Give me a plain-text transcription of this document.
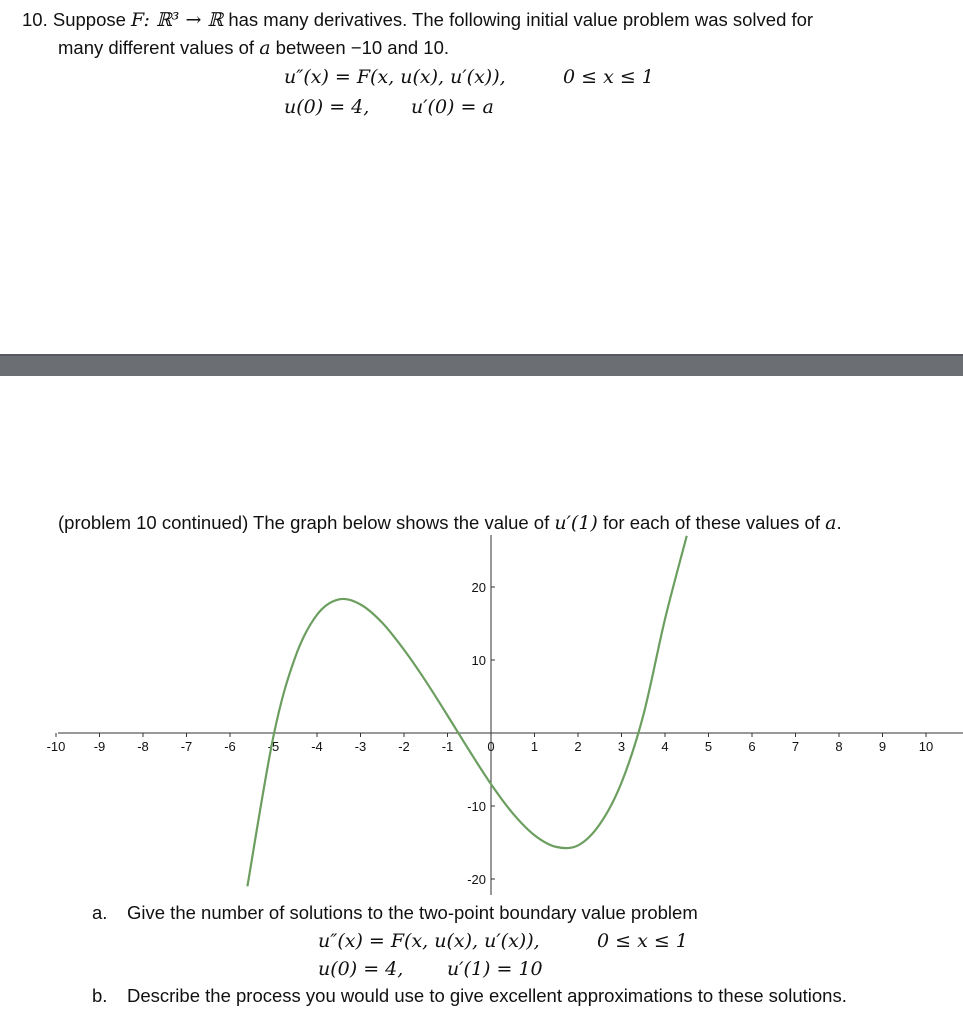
10. Suppose F: ℝ³ → ℝ has many derivatives. The following initial value problem was solved for
many different values of a between −10 and 10.
u″(x) = F(x, u(x), u′(x)),	0 ≤ x ≤ 1
u(0) = 4, u′(0) = a
(problem 10 continued) The graph below shows the value of u′(1) for each of these values of a.
-10 -9 -8 -7 -6 -5 -4 -3 -2 -1	0	1	2	3	4	5	6	7	8	9	10
-20
-10
10
20
a. Give the number of solutions to the two-point boundary value problem
u″(x) = F(x, u(x), u′(x)),	0 ≤ x ≤ 1
u(0) = 4, u′(1) = 10
b. Describe the process you would use to give excellent approximations to these solutions.
